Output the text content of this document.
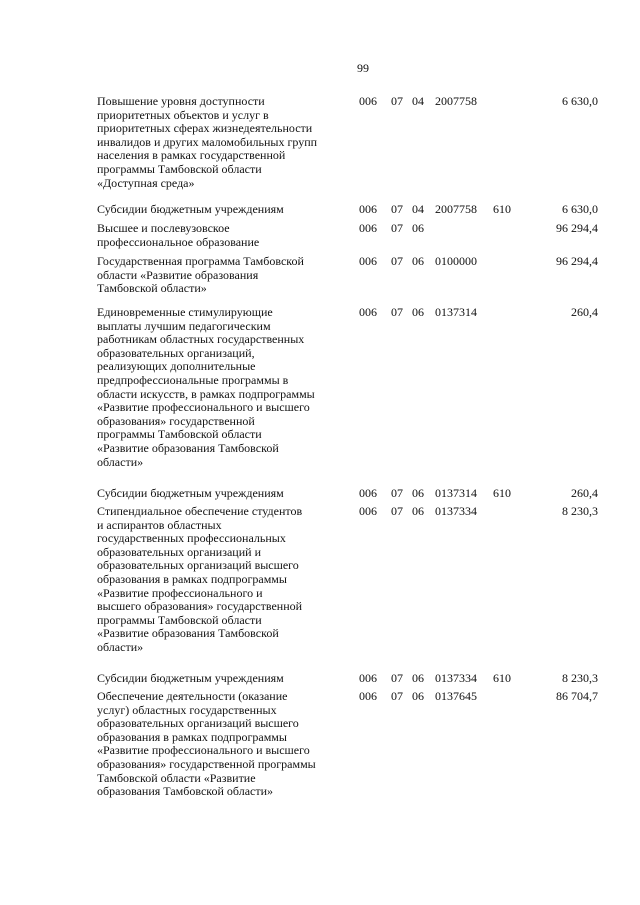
99
Повышение уровня доступности
приоритетных объектов и услуг в
приоритетных сферах жизнедеятельности
инвалидов и других маломобильных групп
населения в рамках государственной
программы Тамбовской области
«Доступная среда»
006 07 04 2007758	6 630,0
Субсидии бюджетным учреждениям	006 07 04 2007758 610	6 630,0
Высшее и послевузовское
профессиональное образование
006 07 06	96 294,4
Государственная программа Тамбовской
области «Развитие образования
Тамбовской области»
006 07 06 0100000	96 294,4
Единовременные стимулирующие
выплаты лучшим педагогическим
работникам областных государственных
образовательных организаций,
реализующих дополнительные
предпрофессиональные программы в
области искусств, в рамках подпрограммы
«Развитие профессионального и высшего
образования» государственной
программы Тамбовской области
«Развитие образования Тамбовской
области»
006 07 06 0137314	260,4
Субсидии бюджетным учреждениям	006 07 06 0137314 610	260,4
Стипендиальное обеспечение студентов
и аспирантов областных
государственных профессиональных
образовательных организаций и
образовательных организаций высшего
образования в рамках подпрограммы
«Развитие профессионального и
высшего образования» государственной
программы Тамбовской области
«Развитие образования Тамбовской
области»
006 07 06 0137334	8 230,3
Субсидии бюджетным учреждениям	006 07 06 0137334 610	8 230,3
Обеспечение деятельности (оказание
услуг) областных государственных
образовательных организаций высшего
образования в рамках подпрограммы
«Развитие профессионального и высшего
образования» государственной программы
Тамбовской области «Развитие
образования Тамбовской области»
006 07 06 0137645	86 704,7
